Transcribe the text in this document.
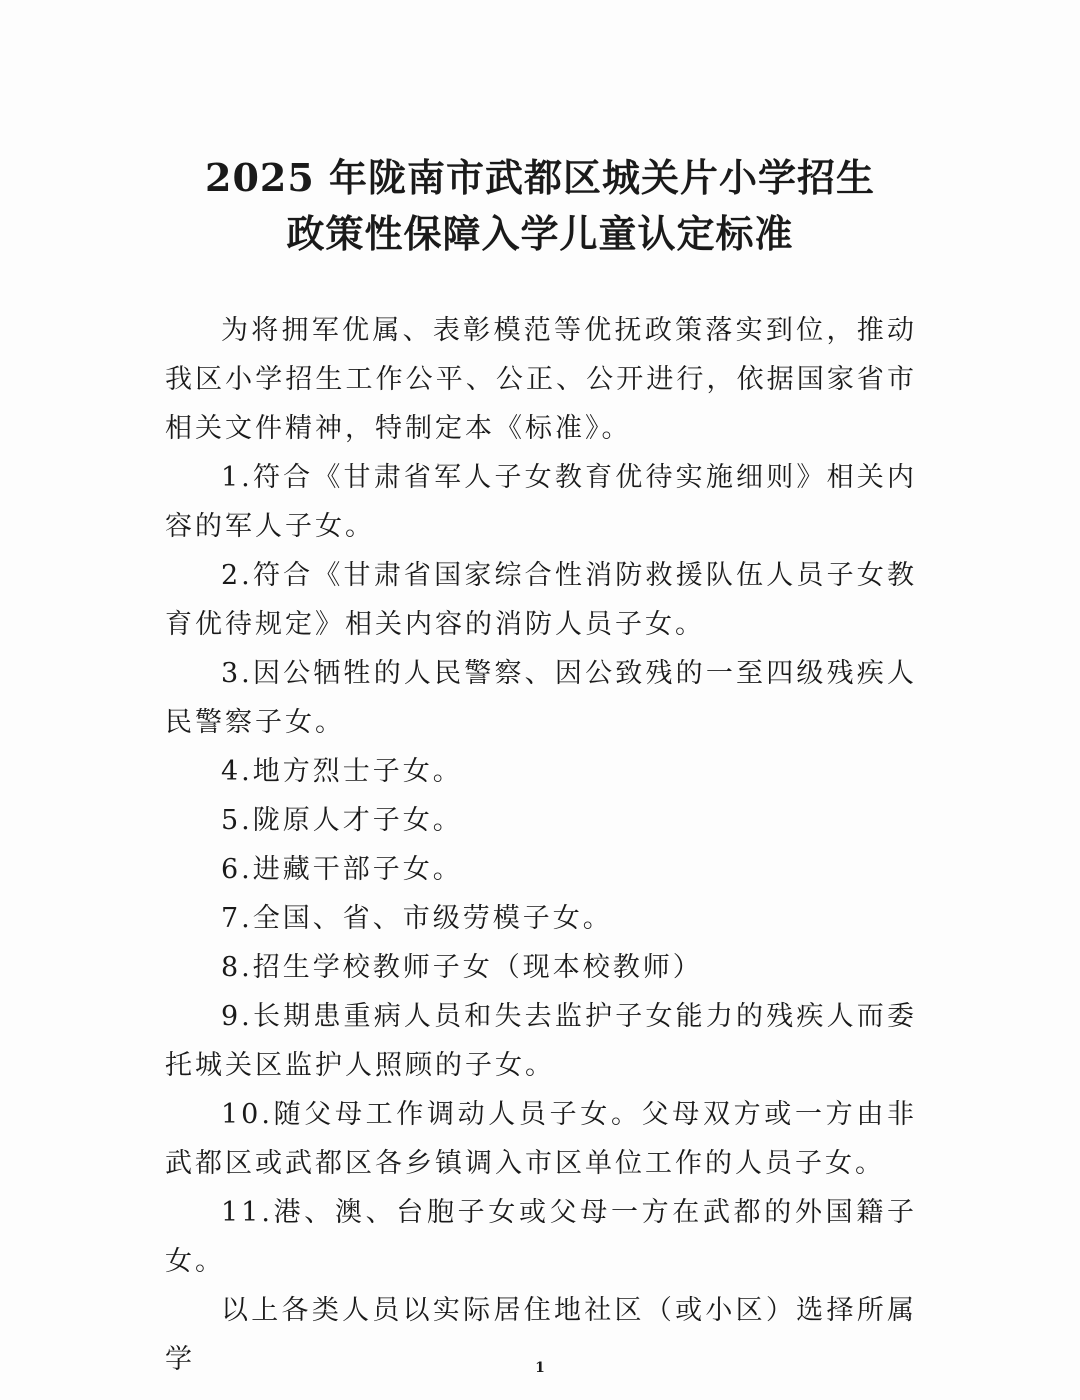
2025 年陇南市武都区城关片小学招生
政策性保障入学儿童认定标准

为将拥军优属、表彰模范等优抚政策落实到位，推动我区小学招生工作公平、公正、公开进行，依据国家省市相关文件精神，特制定本《标准》。

1.符合《甘肃省军人子女教育优待实施细则》相关内容的军人子女。

2.符合《甘肃省国家综合性消防救援队伍人员子女教育优待规定》相关内容的消防人员子女。

3.因公牺牲的人民警察、因公致残的一至四级残疾人民警察子女。

4.地方烈士子女。

5.陇原人才子女。

6.进藏干部子女。

7.全国、省、市级劳模子女。

8.招生学校教师子女（现本校教师）

9.长期患重病人员和失去监护子女能力的残疾人而委托城关区监护人照顾的子女。

10.随父母工作调动人员子女。父母双方或一方由非武都区或武都区各乡镇调入市区单位工作的人员子女。

11.港、澳、台胞子女或父母一方在武都的外国籍子女。

以上各类人员以实际居住地社区（或小区）选择所属学	1
